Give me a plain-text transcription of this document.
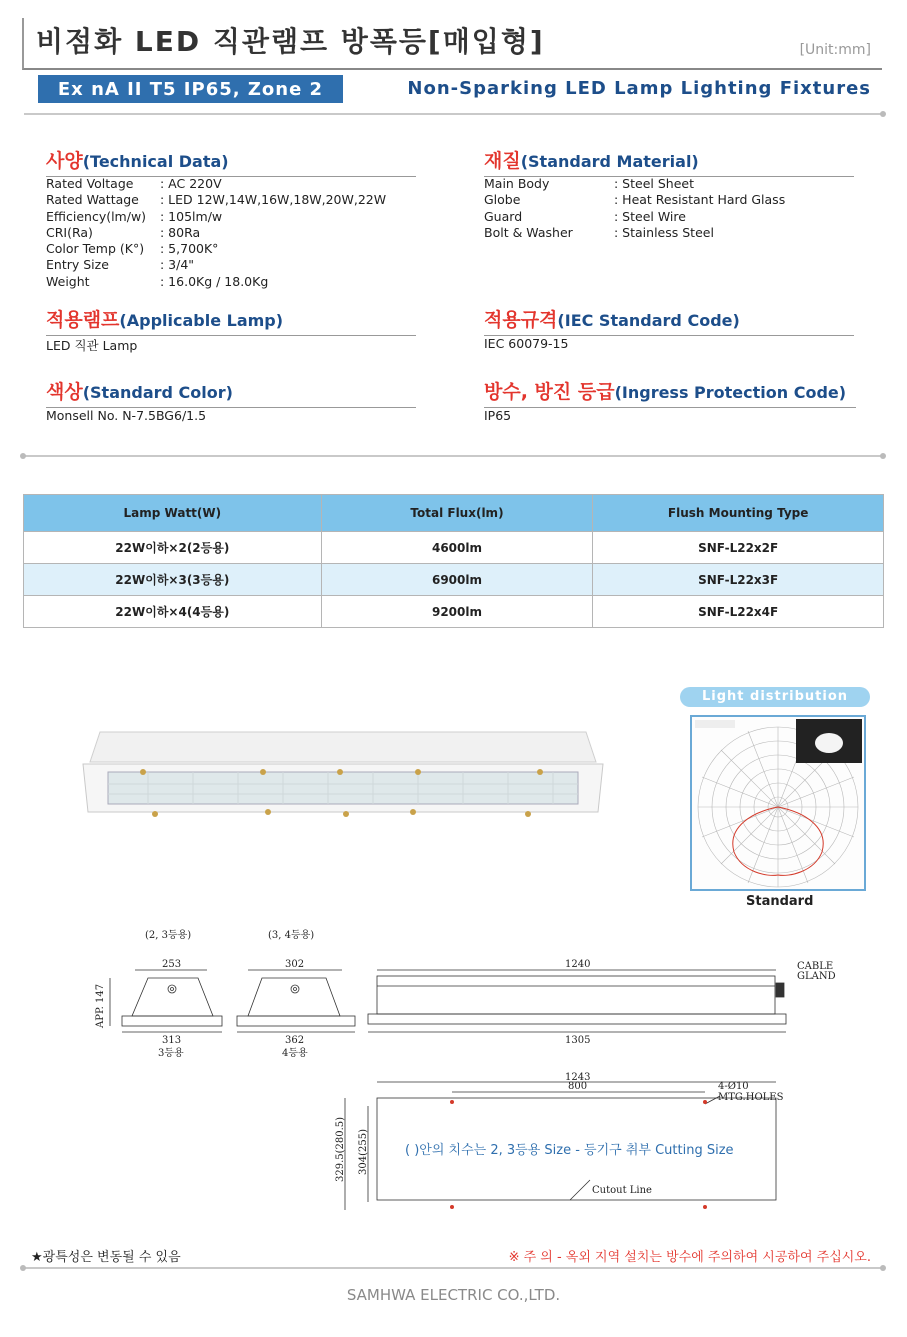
비점화 LED 직관램프 방폭등[매입형]	[Unit:mm]
Ex nA II T5 IP65, Zone 2	Non-Sparking LED Lamp Lighting Fixtures
사양(Technical Data)
Rated Voltage : AC 220V
Rated Wattage : LED 12W,14W,16W,18W,20W,22W
Efficiency(lm/w) : 105lm/w
CRI(Ra)	: 80Ra
Color Temp (K°) : 5,700K°
Entry Size	: 3/4"
Weight	: 16.0Kg / 18.0Kg
재질(Standard Material)
Main Body	: Steel Sheet
Globe	: Heat Resistant Hard Glass
Guard	: Steel Wire
Bolt & Washer	: Stainless Steel
적용램프(Applicable Lamp)
LED 직관 Lamp
적용규격(IEC Standard Code)
IEC 60079-15
색상(Standard Color)
Monsell No. N-7.5BG6/1.5
방수, 방진 등급(Ingress Protection Code)
IP65
Lamp Watt(W)	Total Flux(lm)	Flush Mounting Type
22W이하×2(2등용)	4600lm	SNF-L22x2F
22W이하×3(3등용)	6900lm	SNF-L22x3F
22W이하×4(4등용)	9200lm	SNF-L22x4F
Light distribution
Standard
(2, 3등용)	(3, 4등용)
253
APP. 147
313
3등용
302
362
4등용
1240	CABLE
GLAND
1305
1243
800	4-Ø10
MTG.HOLES
329.5(280.5) 304(255)	( )안의 치수는 2, 3등용 Size - 등기구 취부 Cutting Size
Cutout Line
★광특성은 변동될 수 있음	※ 주 의 - 옥외 지역 설치는 방수에 주의하여 시공하여 주십시오.
SAMHWA ELECTRIC CO.,LTD.
